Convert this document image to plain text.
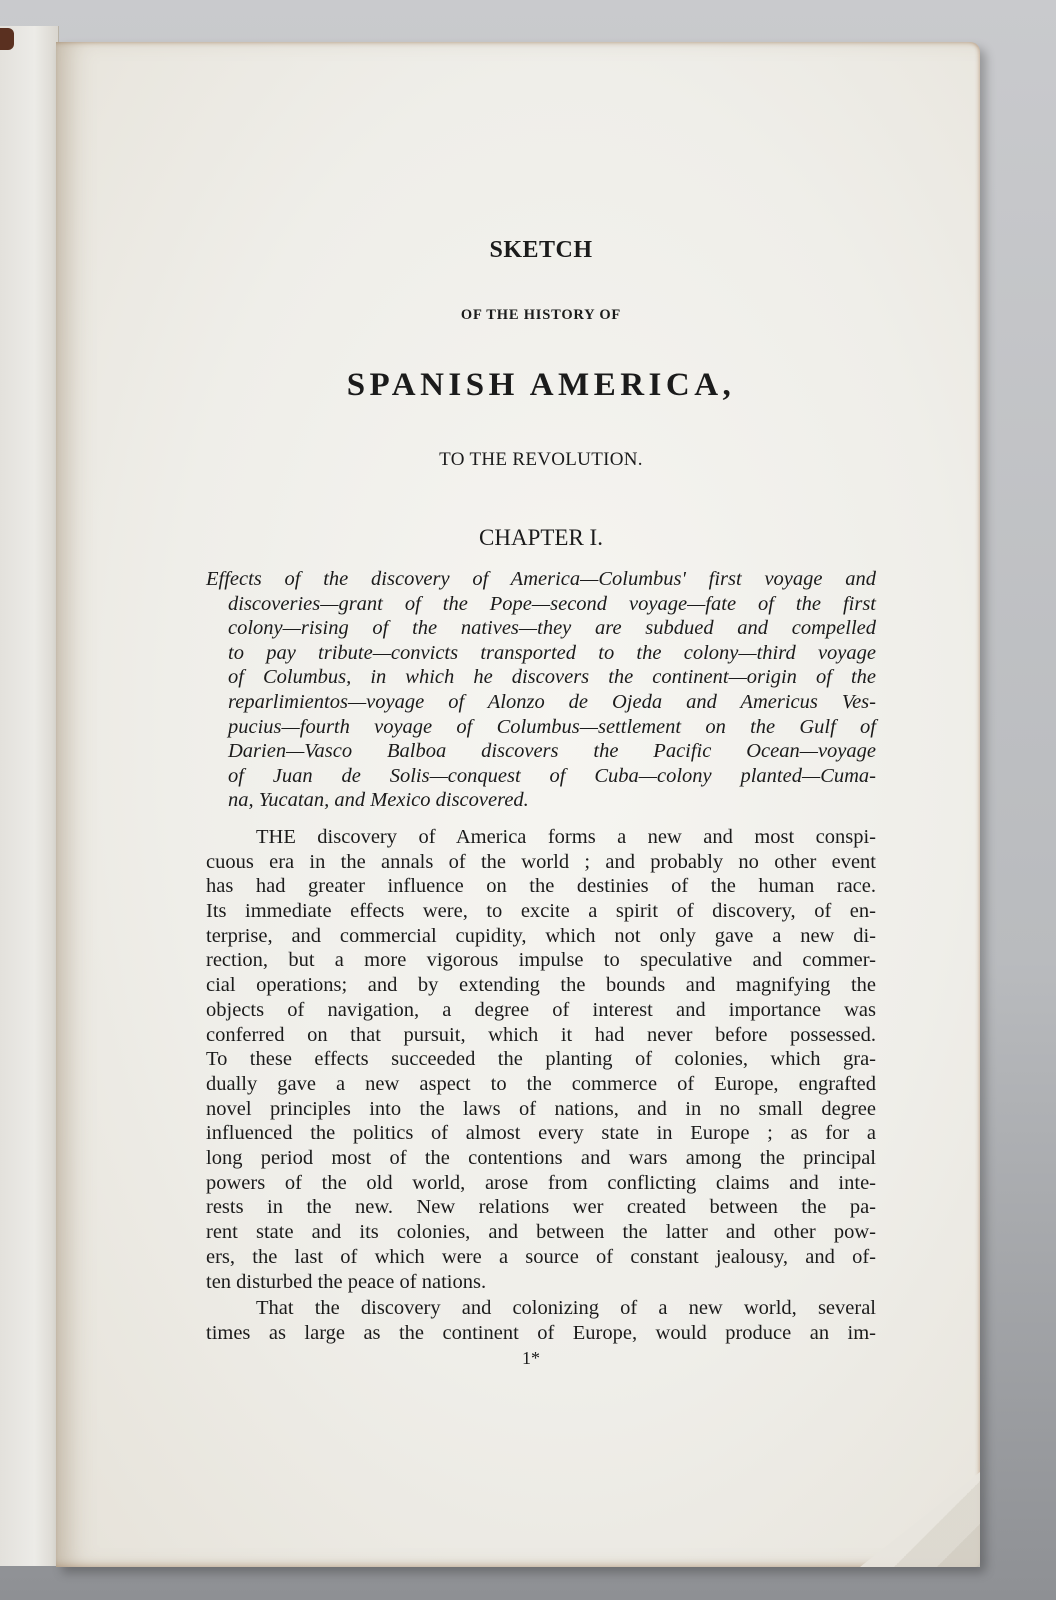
SKETCH
OF THE HISTORY OF
SPANISH AMERICA,
TO THE REVOLUTION.
CHAPTER I.
Effects of the discovery of America—Columbus' first voyage and
discoveries—grant of the Pope—second voyage—fate of the first
colony—rising of the natives—they are subdued and compelled
to pay tribute—convicts transported to the colony—third voyage
of Columbus, in which he discovers the continent—origin of the
reparlimientos—voyage of Alonzo de Ojeda and Americus Ves-
pucius—fourth voyage of Columbus—settlement on the Gulf of
Darien—Vasco Balboa discovers the Pacific Ocean—voyage
of Juan de Solis—conquest of Cuba—colony planted—Cuma-
na, Yucatan, and Mexico discovered.
THE discovery of America forms a new and most conspi-
cuous era in the annals of the world ; and probably no other event
has had greater influence on the destinies of the human race.
Its immediate effects were, to excite a spirit of discovery, of en-
terprise, and commercial cupidity, which not only gave a new di-
rection, but a more vigorous impulse to speculative and commer-
cial operations; and by extending the bounds and magnifying the
objects of navigation, a degree of interest and importance was
conferred on that pursuit, which it had never before possessed.
To these effects succeeded the planting of colonies, which gra-
dually gave a new aspect to the commerce of Europe, engrafted
novel principles into the laws of nations, and in no small degree
influenced the politics of almost every state in Europe ; as for a
long period most of the contentions and wars among the principal
powers of the old world, arose from conflicting claims and inte-
rests in the new. New relations wer created between the pa-
rent state and its colonies, and between the latter and other pow-
ers, the last of which were a source of constant jealousy, and of-
ten disturbed the peace of nations.
That the discovery and colonizing of a new world, several
times as large as the continent of Europe, would produce an im-
1*
